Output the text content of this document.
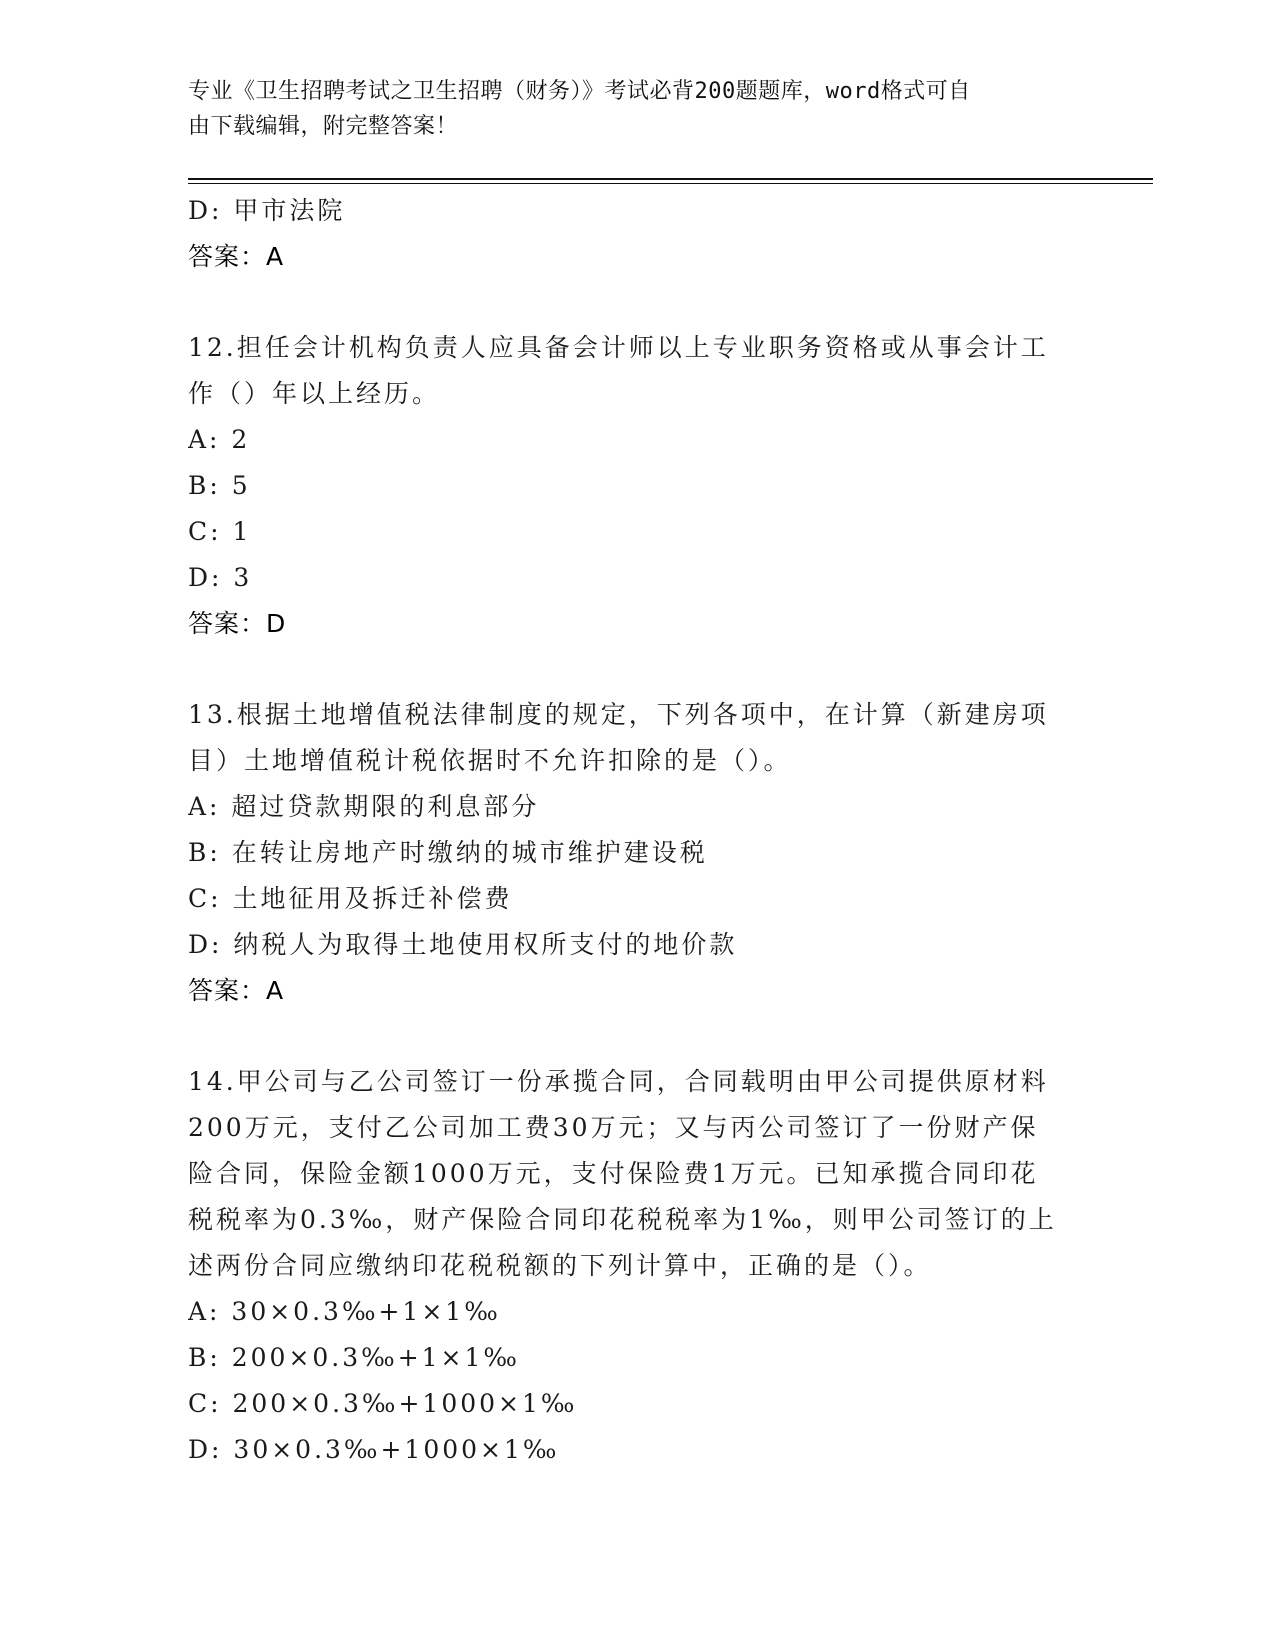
专业《卫生招聘考试之卫生招聘（财务）》考试必背200题题库，word格式可自
由下载编辑，附完整答案！
D: 甲市法院
答案：A
12.担任会计机构负责人应具备会计师以上专业职务资格或从事会计工
作（）年以上经历。
A: 2
B: 5
C: 1
D: 3
答案：D
13.根据土地增值税法律制度的规定，下列各项中，在计算（新建房项
目）土地增值税计税依据时不允许扣除的是（）。
A: 超过贷款期限的利息部分
B: 在转让房地产时缴纳的城市维护建设税
C: 土地征用及拆迁补偿费
D: 纳税人为取得土地使用权所支付的地价款
答案：A
14.甲公司与乙公司签订一份承揽合同，合同载明由甲公司提供原材料
200万元，支付乙公司加工费30万元；又与丙公司签订了一份财产保
险合同，保险金额1000万元，支付保险费1万元。已知承揽合同印花
税税率为0.3‰，财产保险合同印花税税率为1‰，则甲公司签订的上
述两份合同应缴纳印花税税额的下列计算中，正确的是（）。
A: 30×0.3‰+1×1‰
B: 200×0.3‰+1×1‰
C: 200×0.3‰+1000×1‰
D: 30×0.3‰+1000×1‰
